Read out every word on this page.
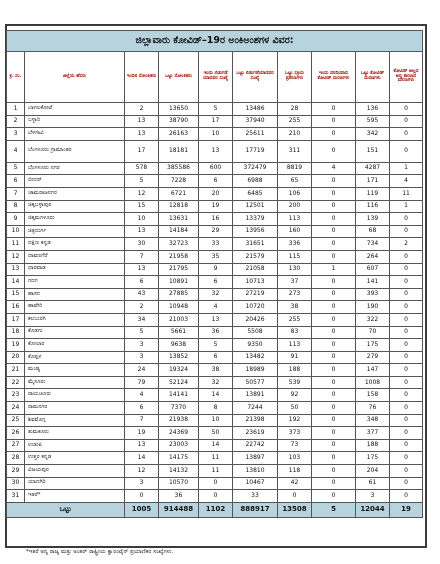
ಜಿಲ್ಲಾವಾರು ಕೋವಿಡ್–19ರ ಅಂಕಿಅಂಶಗಳ ವಿವರ:									
ಕ್ರ. ಸಂ.	ಜಿಲ್ಲೆಯ ಹೆಸರು	ಇಂದಿನ ಸೋಂಕಿತರು	ಒಟ್ಟು ಸೋಂಕಿತರು	ಇಂದು ಬಿಡುಗಡೆ ಯಾದವರ ಸಂಖ್ಯೆ	ಒಟ್ಟು ಬಿಡುಗಡೆಯಾದವರ ಸಂಖ್ಯೆ	ಒಟ್ಟು ಸಕ್ರಿಯ ಪ್ರಕರಣಗಳು	ಇಂದು ವರದಿಯಾದ ಕೋವಿಡ್ ಮರಣಗಳು	ಒಟ್ಟು ಕೋವಿಡ್ ಮರಣಗಳು	ಕೋವಿಡ್ ಅಲ್ಲದ ಅನ್ಯ ಕಾರಣದ ಮರಣಗಳು
1	ಬಾಗಲಕೋಟೆ	2	13650	5	13486	28	0	136	0
2	ಬಳ್ಳಾರಿ	13	38790	17	37940	255	0	595	0
3	ಬೆಳಗಾವಿ	13	26163	10	25611	210	0	342	0
4	ಬೆಂಗಳೂರು ಗ್ರಾಮಾಂತರ	17	18181	13	17719	311	0	151	0
5	ಬೆಂಗಳೂರು ನಗರ	578	385586	600	372479	8819	4	4287	1
6	ಬೀದರ್	5	7228	6	6988	65	0	171	4
7	ಚಾಮರಾಜನಗರ	12	6721	20	6485	106	0	119	11
8	ಚಿಕ್ಕಬಳ್ಳಾಪುರ	15	12818	19	12501	200	0	116	1
9	ಚಿಕ್ಕಮಗಳೂರು	10	13631	16	13379	113	0	139	0
10	ಚಿತ್ರದುರ್ಗ	13	14184	29	13956	160	0	68	0
11	ದಕ್ಷಿಣ ಕನ್ನಡ	30	32723	33	31651	336	0	734	2
12	ದಾವಣಗೆರೆ	7	21958	35	21579	115	0	264	0
13	ಧಾರವಾಡ	13	21795	9	21058	130	1	607	0
14	ಗದಗ	6	10891	6	10713	37	0	141	0
15	ಹಾಸನ	43	27885	32	27219	273	0	393	0
16	ಹಾವೇರಿ	2	10948	4	10720	38	0	190	0
17	ಕಲಬುರಗಿ	34	21003	13	20426	255	0	322	0
18	ಕೊಡಗು	5	5661	36	5508	83	0	70	0
19	ಕೋಲಾರ	3	9638	5	9350	113	0	175	0
20	ಕೊಪ್ಪಳ	3	13852	6	13482	91	0	279	0
21	ಮಂಡ್ಯ	24	19324	38	18989	188	0	147	0
22	ಮೈಸೂರು	79	52124	32	50577	539	0	1008	0
23	ರಾಯಚೂರು	4	14141	14	13891	92	0	158	0
24	ರಾಮನಗರ	6	7370	8	7244	50	0	76	0
25	ಶಿವಮೊಗ್ಗ	7	21938	10	21398	192	0	348	0
26	ತುಮಕೂರು	19	24369	50	23619	373	0	377	0
27	ಉಡುಪಿ	13	23003	14	22742	73	0	188	0
28	ಉತ್ತರ ಕನ್ನಡ	14	14175	11	13897	103	0	175	0
29	ವಿಜಯಪುರ	12	14132	11	13810	118	0	204	0
30	ಯಾದಗಿರಿ	3	10570	0	10467	42	0	61	0
31	ಇತರೆ*	0	36	0	33	0	0	3	0
ಒಟ್ಟು		1005	914488	1102	888917	13508	5	12044	19
*ಇತರೆ ಅನ್ಯ ರಾಜ್ಯ ಮತ್ತು ಅಂತರ್ ರಾಷ್ಟ್ರೀಯ ಕ್ವಾರಂಟೈನ್ ಪ್ರಯಾಣಿಕರ ಸಂಖ್ಯೆಗಳು.
